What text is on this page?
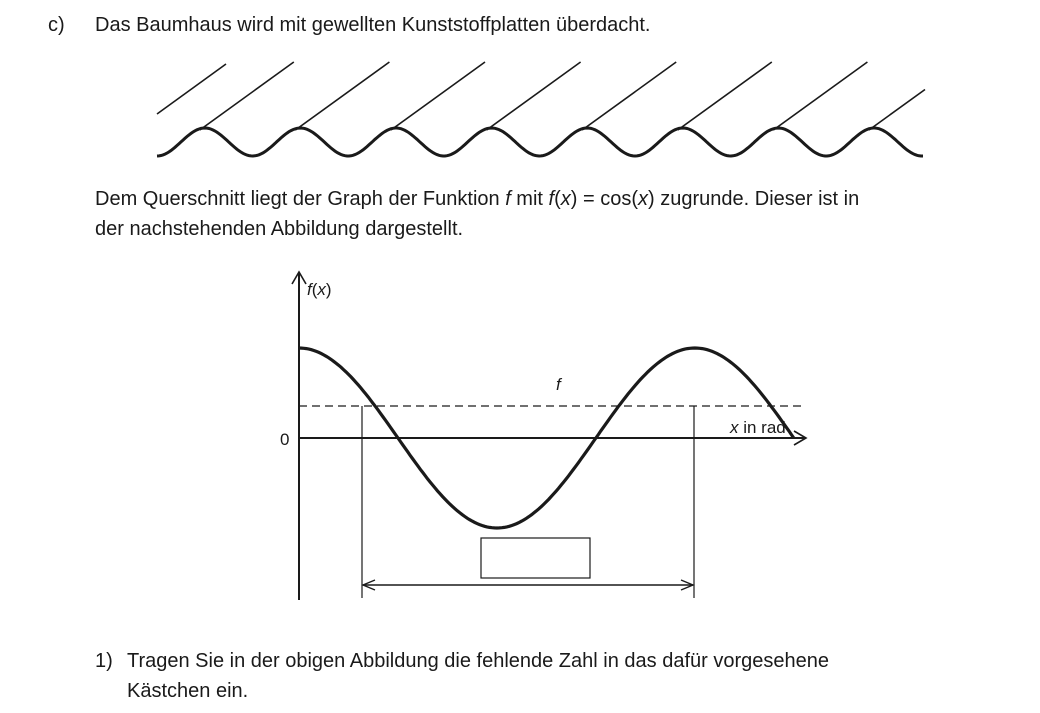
c) Das Baumhaus wird mit gewellten Kunststoffplatten überdacht.
Dem Querschnitt liegt der Graph der Funktion f mit f(x) = cos(x) zugrunde. Dieser ist in
der nachstehenden Abbildung dargestellt.
f(x)
x in rad
0
f
1) Tragen Sie in der obigen Abbildung die fehlende Zahl in das dafür vorgesehene
Kästchen ein.
